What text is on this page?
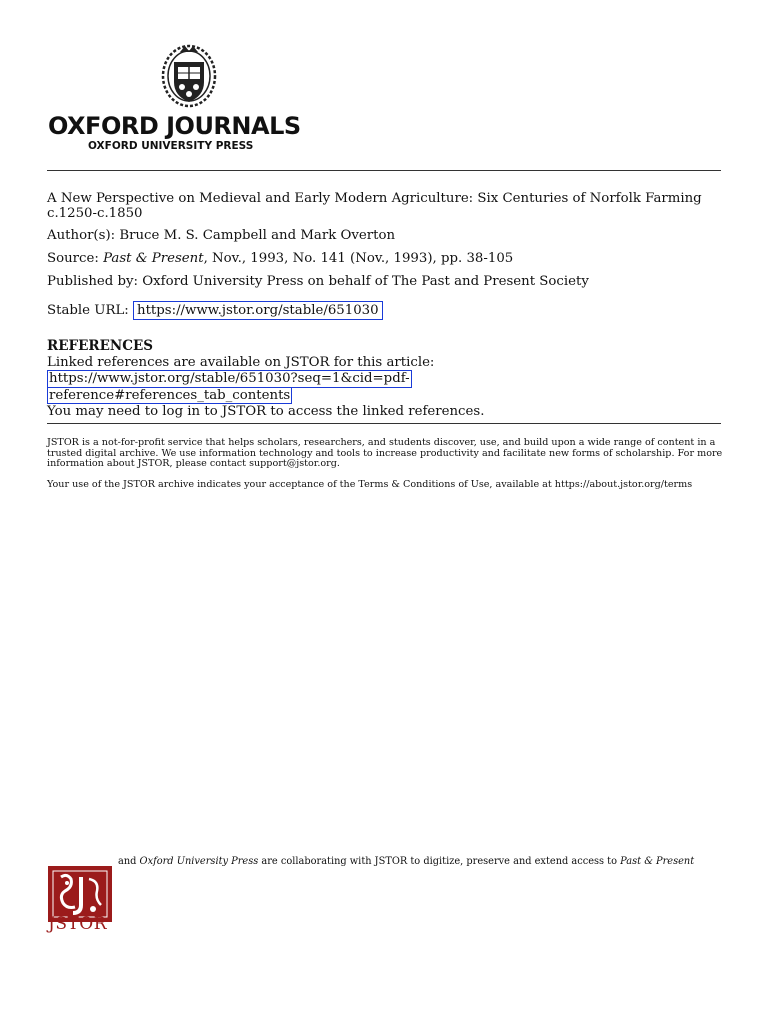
OXFORD JOURNALS
OXFORD UNIVERSITY PRESS

A New Perspective on Medieval and Early Modern Agriculture: Six Centuries of Norfolk Farming c.1250-c.1850

Author(s): Bruce M. S. Campbell and Mark Overton
Source: Past & Present, Nov., 1993, No. 141 (Nov., 1993), pp. 38-105
Published by: Oxford University Press on behalf of The Past and Present Society
Stable URL: https://www.jstor.org/stable/651030
REFERENCES
Linked references are available on JSTOR for this article:
https://www.jstor.org/stable/651030?seq=1&cid=pdf-
reference#references_tab_contents
You may need to log in to JSTOR to access the linked references.

JSTOR is a not-for-profit service that helps scholars, researchers, and students discover, use, and build upon a wide range of content in a trusted digital archive. We use information technology and tools to increase productivity and facilitate new forms of scholarship. For more information about JSTOR, please contact support@jstor.org.

Your use of the JSTOR archive indicates your acceptance of the Terms & Conditions of Use, available at https://about.jstor.org/terms

JSTOR
and Oxford University Press are collaborating with JSTOR to digitize, preserve and extend access to Past & Present
